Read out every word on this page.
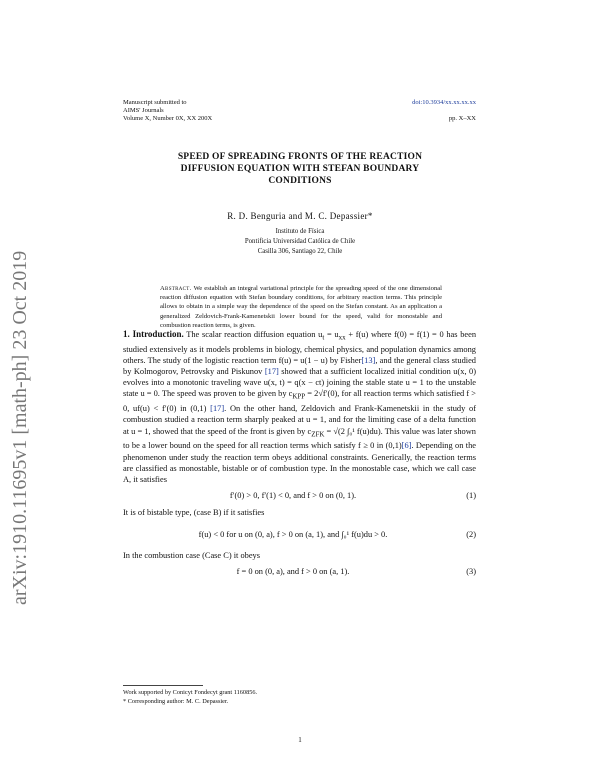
arXiv:1910.11695v1 [math-ph] 23 Oct 2019
Manuscript submitted to
AIMS' Journals
Volume X, Number 0X, XX 200X
doi:10.3934/xx.xx.xx.xx
pp. X–XX
SPEED OF SPREADING FRONTS OF THE REACTION
DIFFUSION EQUATION WITH STEFAN BOUNDARY
CONDITIONS
R. D. Benguria and M. C. Depassier*
Instituto de Física
Pontificia Universidad Católica de Chile
Casilla 306, Santiago 22, Chile
Abstract. We establish an integral variational principle for the spreading speed of the one dimensional reaction diffusion equation with Stefan boundary conditions, for arbitrary reaction terms. This principle allows to obtain in a simple way the dependence of the speed on the Stefan constant. As an application a generalized Zeldovich-Frank-Kamenetskii lower bound for the speed, valid for monostable and combustion reaction terms, is given.

1. Introduction. The scalar reaction diffusion equation $u_t = u_{xx} + f(u)$ where f(0) = f(1) = 0 has been studied extensively as it models problems in biology, chemical physics, and population dynamics among others. The study of the logistic reaction term f(u) = u(1 − u) by Fisher[13], and the general class studied by Kolmogorov, Petrovsky and Piskunov [17] showed that a sufficient localized initial condition u(x, 0) evolves into a monotonic traveling wave u(x, t) = q(x − ct) joining the stable state u = 1 to the unstable state u = 0. The speed was proven to be given by $c_{KPP} = 2√f'(0)$, for all reaction terms which satisfied f > 0, uf(u) < f′(0) in (0,1) [17]. On the other hand, Zeldovich and Frank-Kamenetskii in the study of combustion studied a reaction term sharply peaked at u = 1, and for the limiting case of a delta function at u = 1, showed that the speed of the front is given by $c_{ZFK} = √(2$ ∫₀¹ f(u)du). This value was later shown to be a lower bound on the speed for all reaction terms which satisfy f ≥ 0 in (0,1)[6]. Depending on the phenomenon under study the reaction term obeys additional constraints. Generically, the reaction terms are classified as monostable, bistable or of combustion type. In the monostable case, which we call case A, it satisfies

f′(0) > 0, f′(1) < 0, and f > 0 on (0, 1).	(1)

It is of bistable type, (case B) if it satisfies

f(u) < 0 for u on (0, a), f > 0 on (a, 1), and ∫₀¹ f(u)du > 0.	(2)

In the combustion case (Case C) it obeys

f = 0 on (0, a), and f > 0 on (a, 1).	(3)
Work supported by Conicyt Fondecyt grant 1160856.
* Corresponding author: M. C. Depassier.
1
